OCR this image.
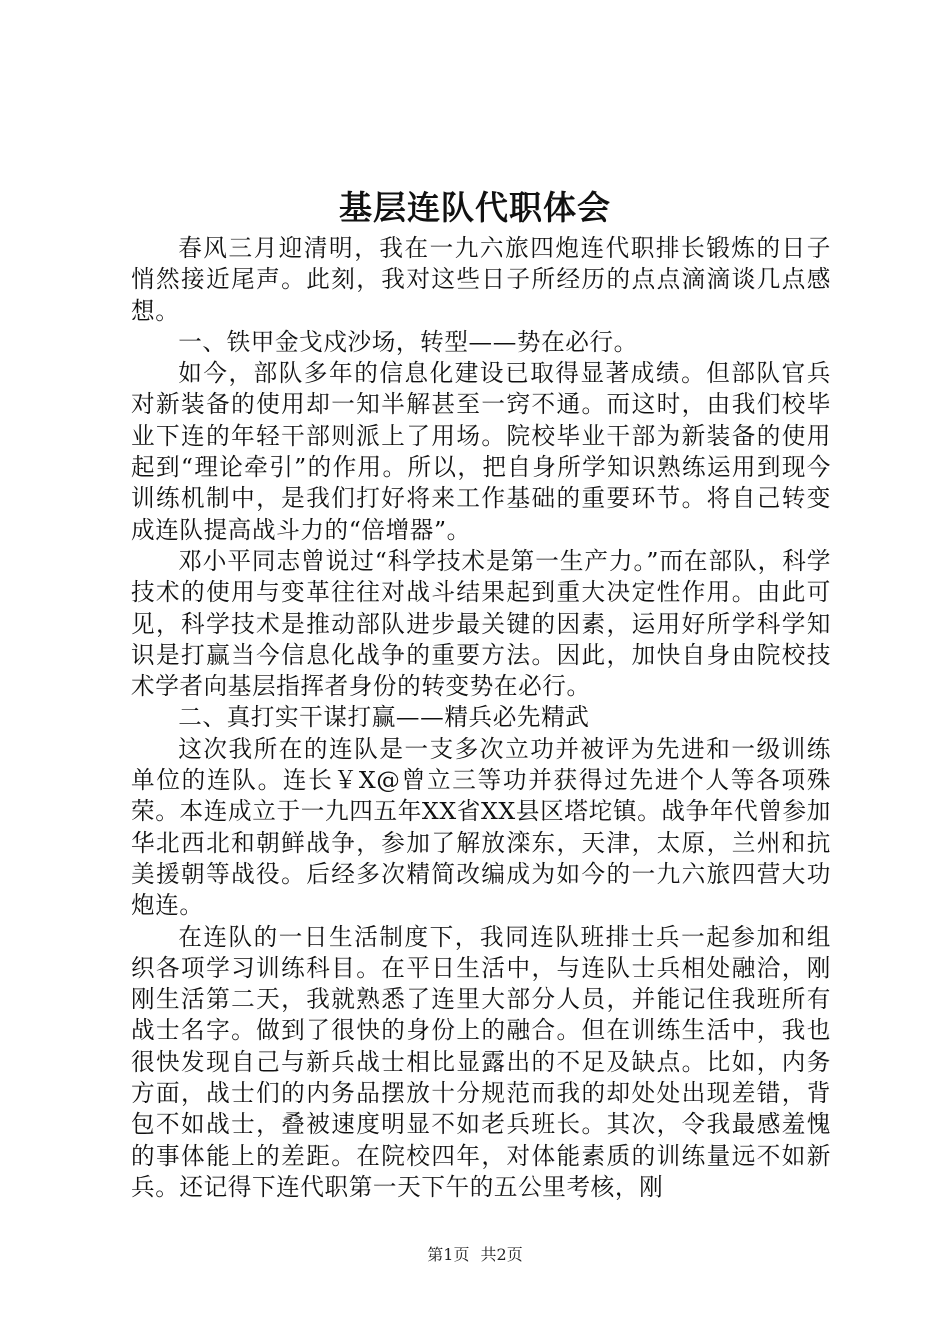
基层连队代职体会

春风三月迎清明，我在一九六旅四炮连代职排长锻炼的日子悄然接近尾声。此刻，我对这些日子所经历的点点滴滴谈几点感想。

一、铁甲金戈戍沙场，转型——势在必行。

如今，部队多年的信息化建设已取得显著成绩。但部队官兵对新装备的使用却一知半解甚至一窍不通。而这时，由我们校毕业下连的年轻干部则派上了用场。院校毕业干部为新装备的使用起到“理论牵引”的作用。所以，把自身所学知识熟练运用到现今训练机制中，是我们打好将来工作基础的重要环节。将自己转变成连队提高战斗力的“倍增器”。

邓小平同志曾说过“科学技术是第一生产力。”而在部队，科学技术的使用与变革往往对战斗结果起到重大决定性作用。由此可见，科学技术是推动部队进步最关键的因素，运用好所学科学知识是打赢当今信息化战争的重要方法。因此，加快自身由院校技术学者向基层指挥者身份的转变势在必行。

二、真打实干谋打赢——精兵必先精武

这次我所在的连队是一支多次立功并被评为先进和一级训练单位的连队。连长￥X@曾立三等功并获得过先进个人等各项殊荣。本连成立于一九四五年XX省XX县区塔坨镇。战争年代曾参加华北西北和朝鲜战争，参加了解放滦东，天津，太原，兰州和抗美援朝等战役。后经多次精简改编成为如今的一九六旅四营大功炮连。

在连队的一日生活制度下，我同连队班排士兵一起参加和组织各项学习训练科目。在平日生活中，与连队士兵相处融洽，刚刚生活第二天，我就熟悉了连里大部分人员，并能记住我班所有战士名字。做到了很快的身份上的融合。但在训练生活中，我也很快发现自己与新兵战士相比显露出的不足及缺点。比如，内务方面，战士们的内务品摆放十分规范而我的却处处出现差错，背包不如战士，叠被速度明显不如老兵班长。其次，令我最感羞愧的事体能上的差距。在院校四年，对体能素质的训练量远不如新兵。还记得下连代职第一天下午的五公里考核，刚

第1页 共2页
